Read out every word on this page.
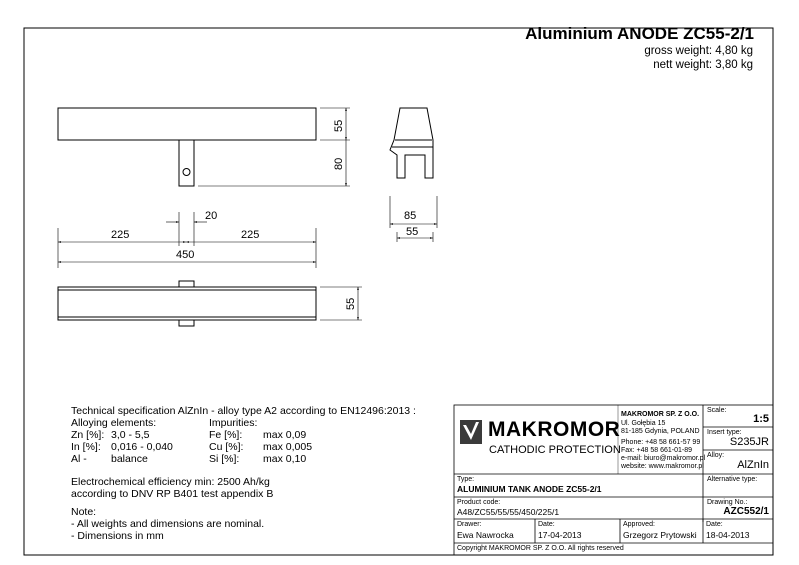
Aluminium ANODE ZC55-2/1
gross weight: 4,80 kg
nett weight: 3,80 kg
55
80
20
225	225
450
85
55
55
Technical specification AlZnIn - alloy type A2 according to EN12496:2013 :
Alloying elements:	Impurities:
Zn [%]: 3,0 - 5,5
In [%]: 0,016 - 0,040
Al - balance
Fe [%]: max 0,09
Cu [%]: max 0,005
Si [%]: max 0,10
Electrochemical efficiency min: 2500 Ah/kg
according to DNV RP B401 test appendix B
Note:
- All weights and dimensions are nominal.
- Dimensions in mm
MAKROMOR
CATHODIC PROTECTION
MAKROMOR SP. Z O.O.
Ul. Gołębia 15
81-185 Gdynia, POLAND
Phone: +48 58 661-57 99
Fax: +48 58 661-01-89
e-mail: biuro@makromor.pl
website: www.makromor.pl
Scale:
1:5
Insert type:
S235JR
Alloy:
AlZnIn
Type:
ALUMINIUM TANK ANODE ZC55-2/1
Alternative type:
Product code:
A48/ZC55/55/55/450/225/1
Drawing No.:
AZC552/1
Drawer:
Ewa Nawrocka
Date:
17-04-2013
Approved:
Grzegorz Prytowski
Date:
18-04-2013
Copyright MAKROMOR SP. Z O.O. All rights reserved
